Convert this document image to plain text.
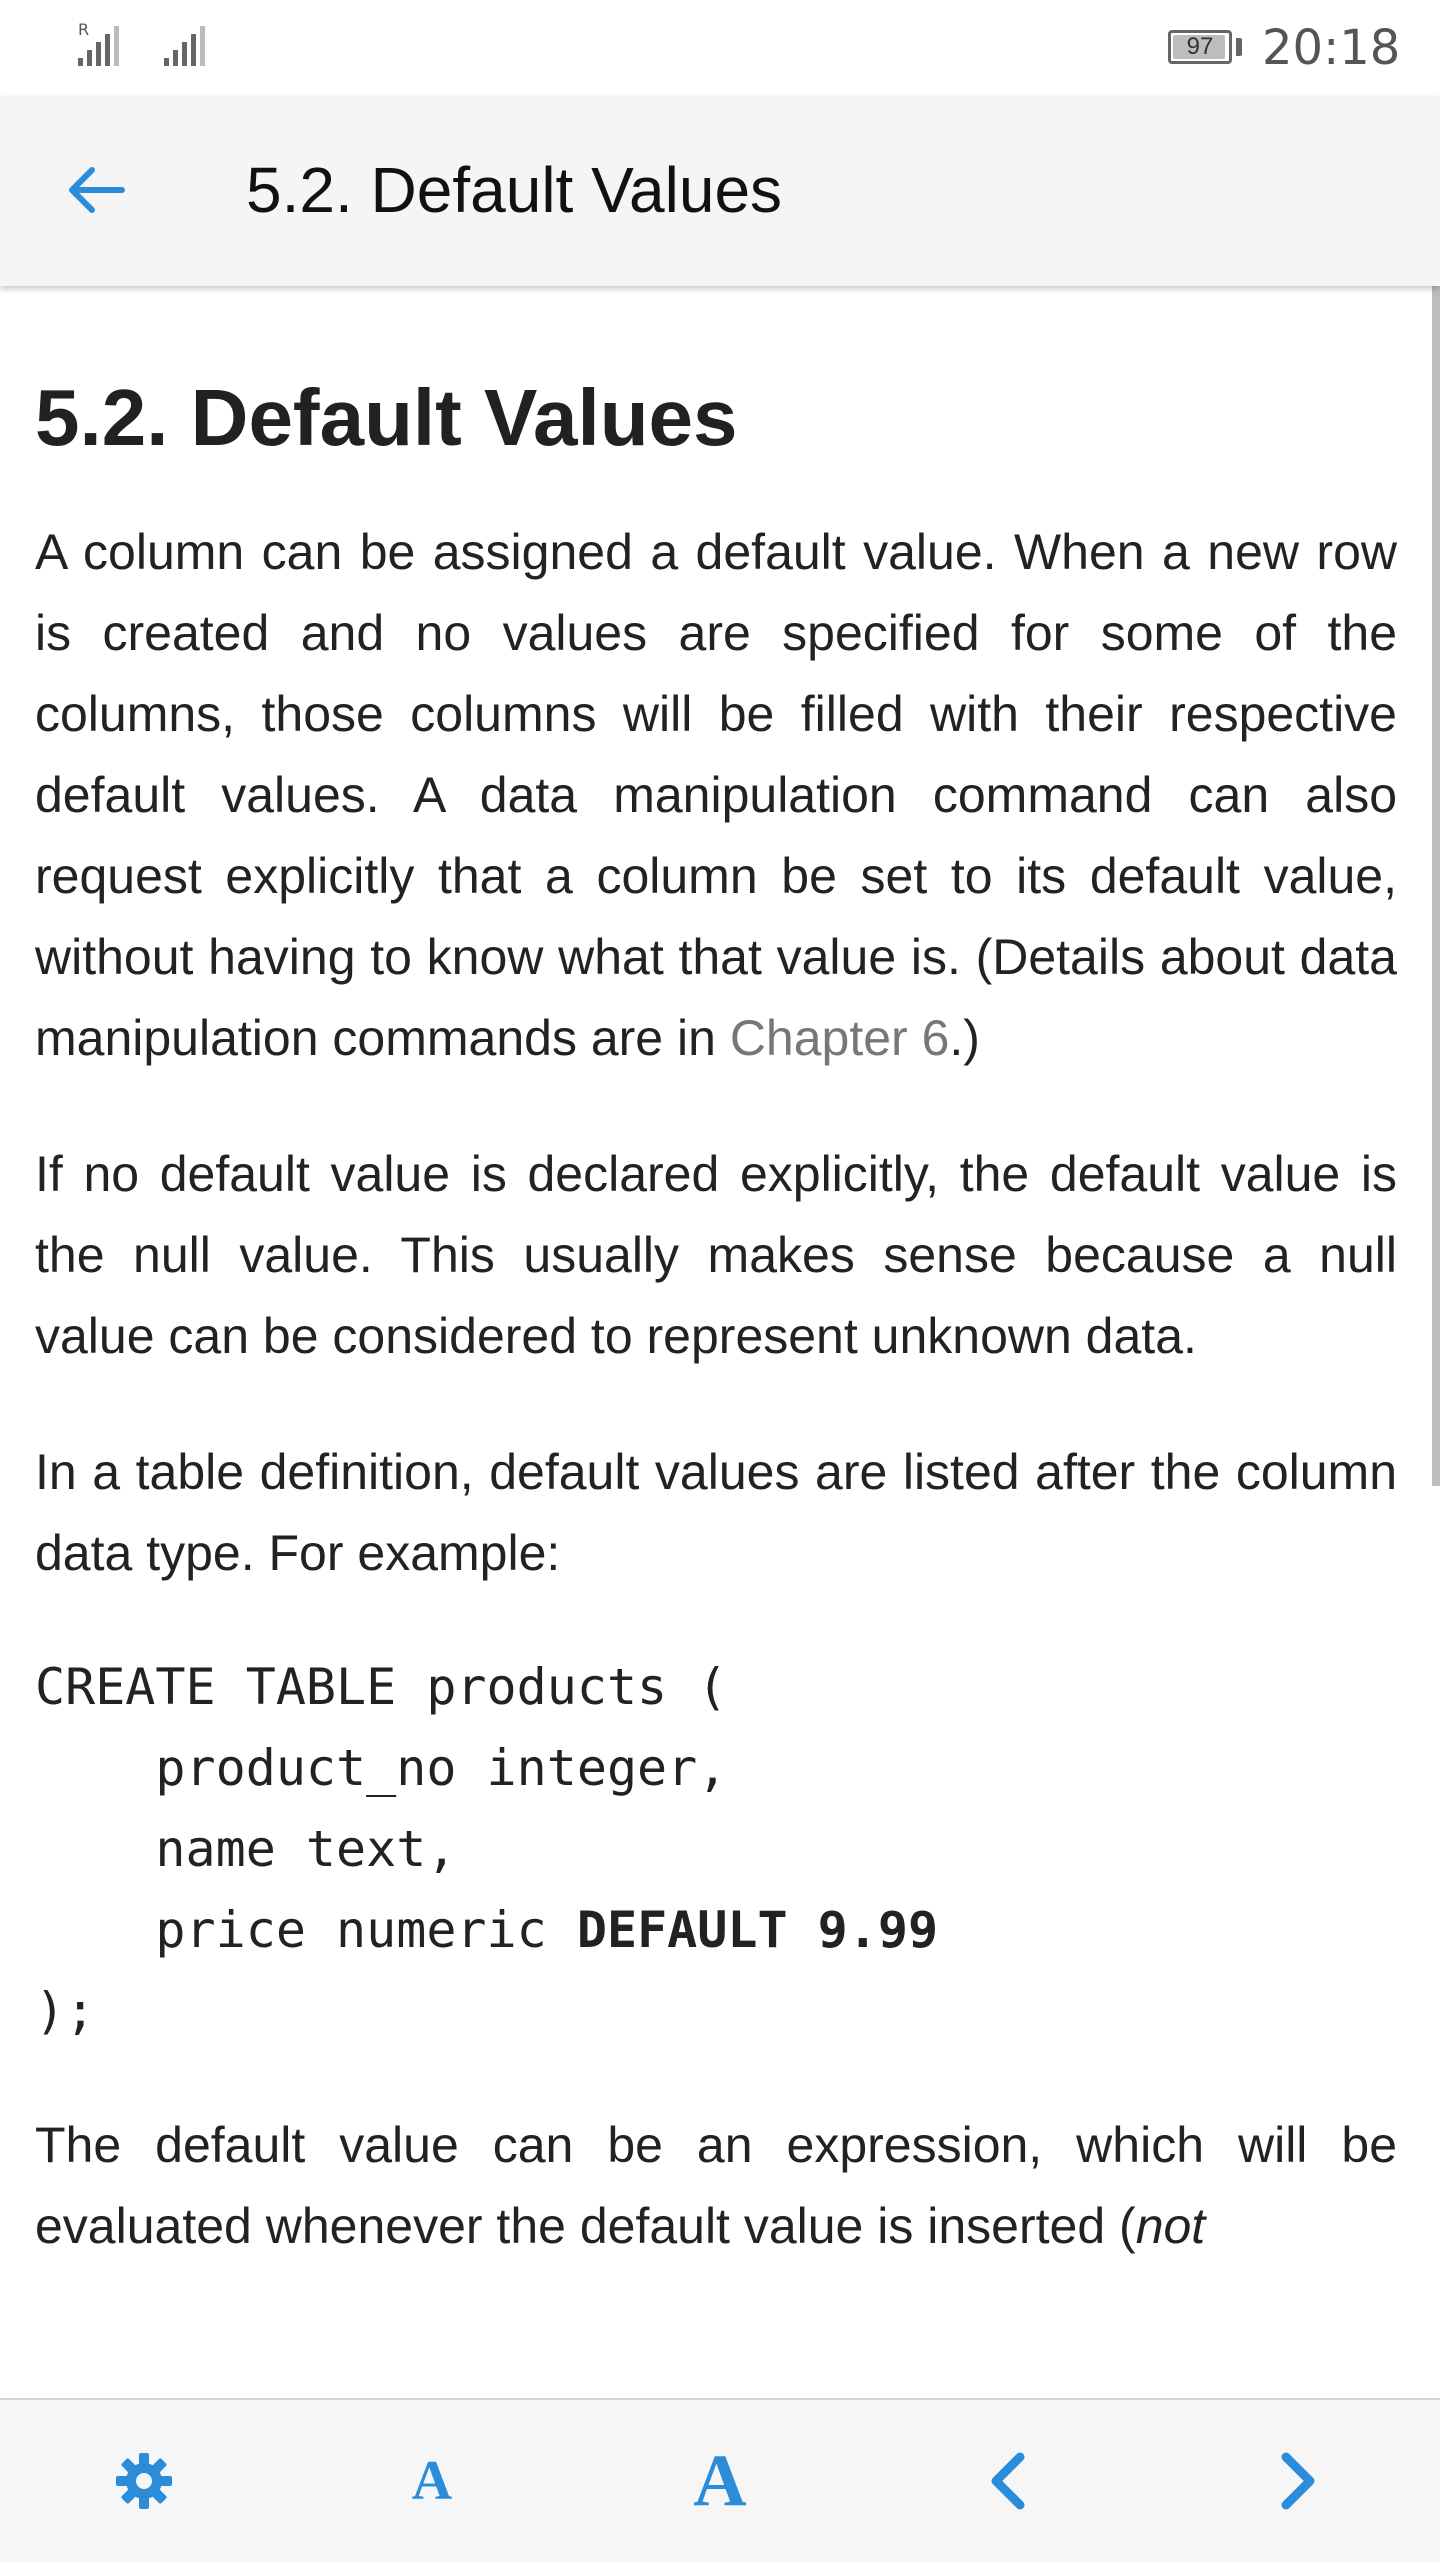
R
97	20:18
5.2. Default Values
5.2. Default Values

A column can be assigned a default value. When a new row is created and no values are specified for some of the columns, those columns will be filled with their respective default values. A data manipulation command can also request explicitly that a column be set to its default value, without having to know what that value is. (Details about data manipulation commands are in Chapter 6.)

If no default value is declared explicitly, the default value is the null value. This usually makes sense because a null value can be considered to represent unknown data.

In a table definition, default values are listed after the column data type. For example:

CREATE TABLE products (
product_no integer,
name text,
price numeric DEFAULT 9.99
);

The default value can be an expression, which will be evaluated whenever the default value is inserted (not

A	A
